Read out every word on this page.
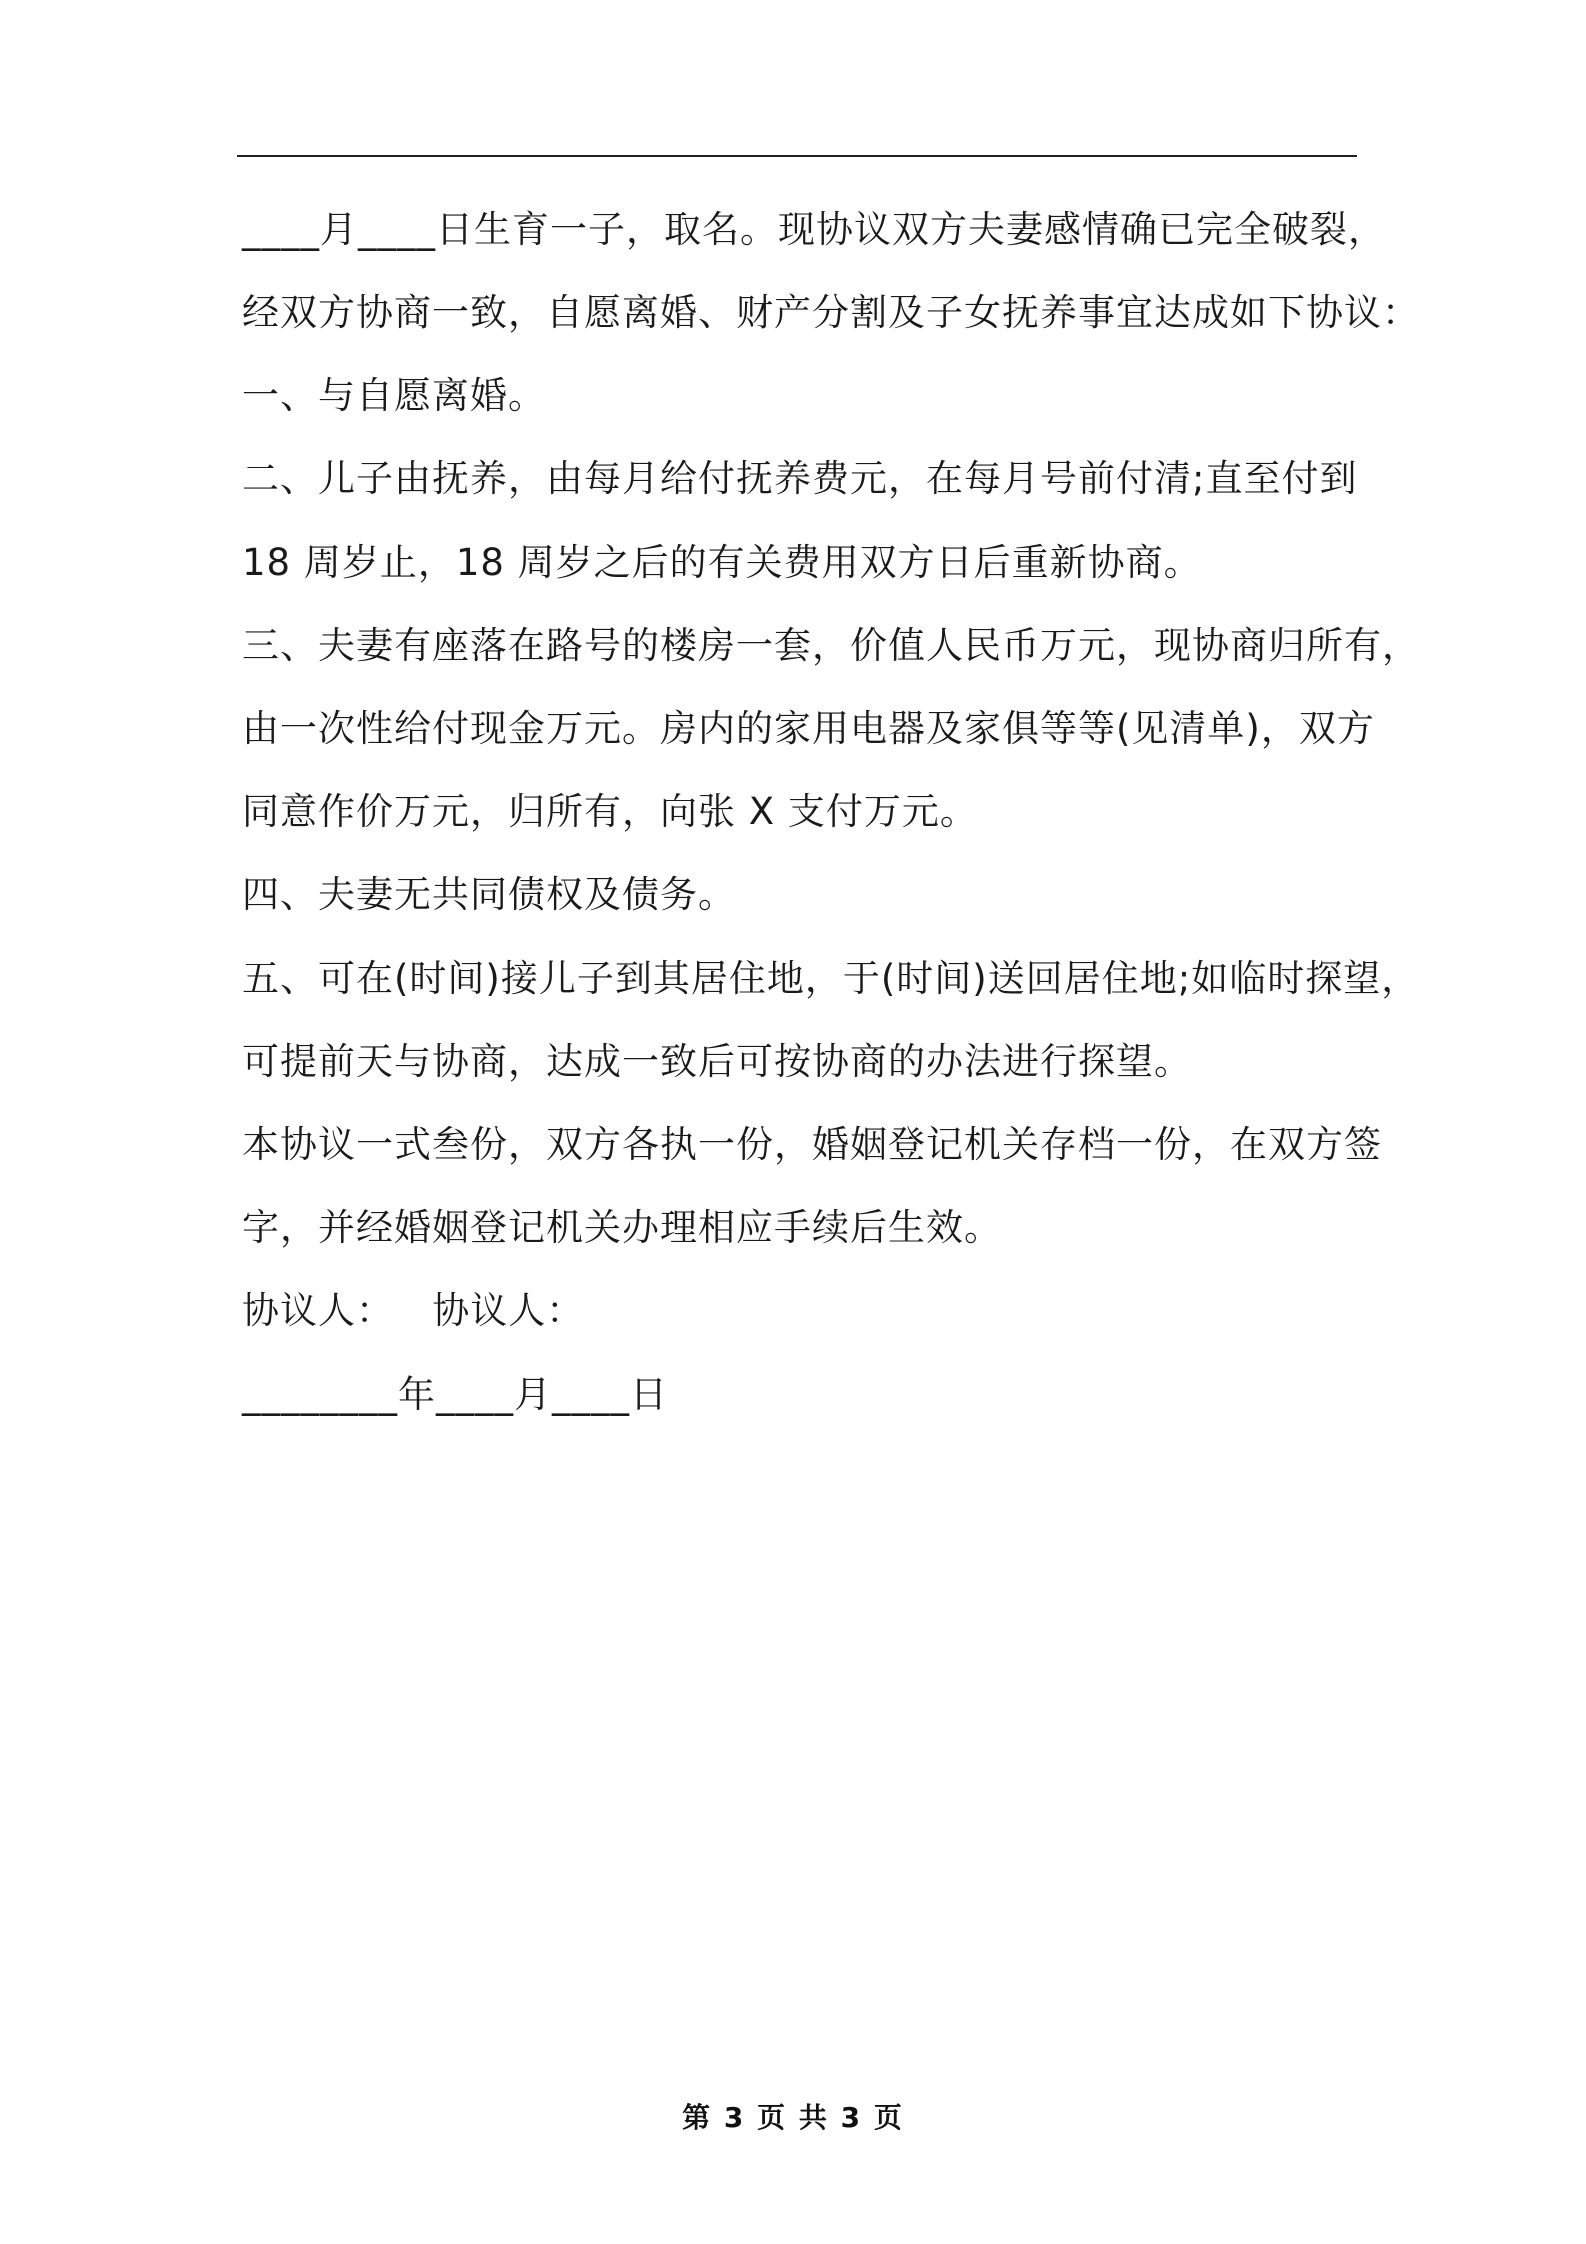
____月____日生育一子，取名。现协议双方夫妻感情确已完全破裂，
经双方协商一致，自愿离婚、财产分割及子女抚养事宜达成如下协议：
一、与自愿离婚。
二、儿子由抚养，由每月给付抚养费元，在每月号前付清;直至付到
18 周岁止，18 周岁之后的有关费用双方日后重新协商。
三、夫妻有座落在路号的楼房一套，价值人民币万元，现协商归所有，
由一次性给付现金万元。房内的家用电器及家俱等等(见清单)，双方
同意作价万元，归所有，向张 X 支付万元。
四、夫妻无共同债权及债务。
五、可在(时间)接儿子到其居住地，于(时间)送回居住地;如临时探望，
可提前天与协商，达成一致后可按协商的办法进行探望。
本协议一式叁份，双方各执一份，婚姻登记机关存档一份，在双方签
字，并经婚姻登记机关办理相应手续后生效。
协议人：   协议人：
________年____月____日
第 3 页 共 3 页
